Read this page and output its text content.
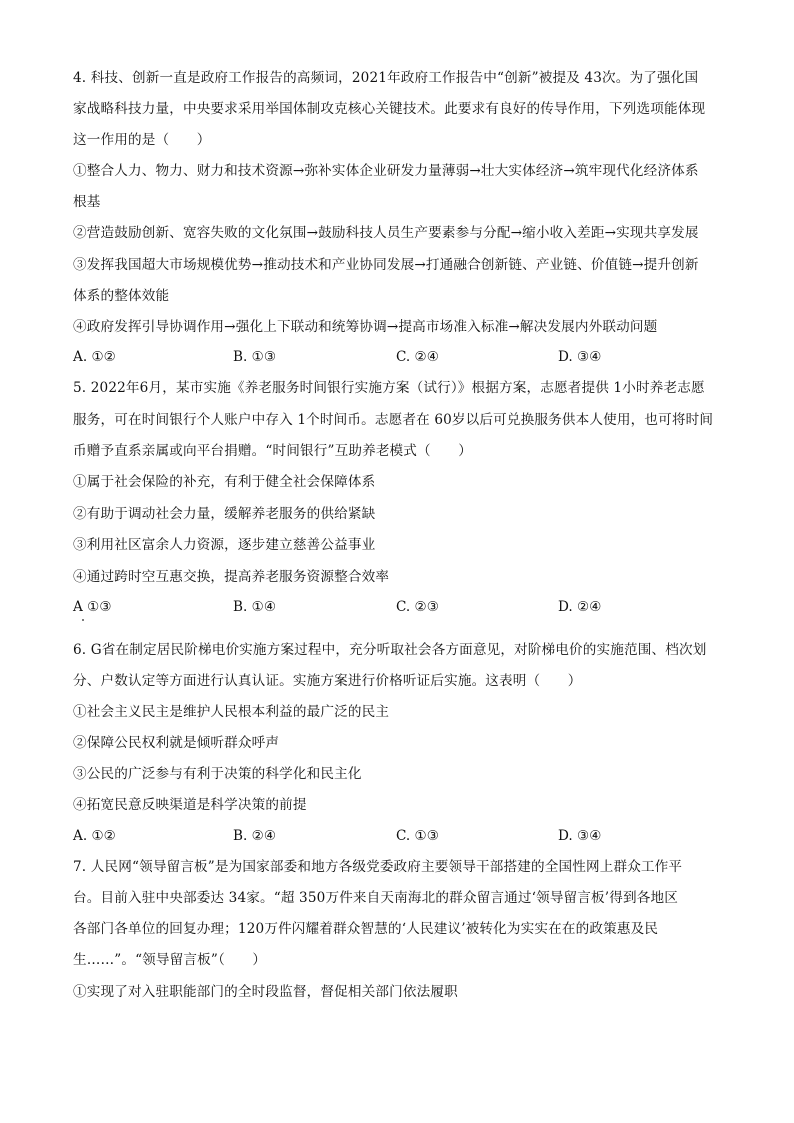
4. 科技、创新一直是政府工作报告的高频词，2021年政府工作报告中“创新”被提及 43次。为了强化国
家战略科技力量，中央要求采用举国体制攻克核心关键技术。此要求有良好的传导作用，下列选项能体现
这一作用的是（　　）
①整合人力、物力、财力和技术资源→弥补实体企业研发力量薄弱→壮大实体经济→筑牢现代化经济体系
根基
②营造鼓励创新、宽容失败的文化氛围→鼓励科技人员生产要素参与分配→缩小收入差距→实现共享发展
③发挥我国超大市场规模优势→推动技术和产业协同发展→打通融合创新链、产业链、价值链→提升创新
体系的整体效能
④政府发挥引导协调作用→强化上下联动和统筹协调→提高市场准入标准→解决发展内外联动问题
A. ①②	B. ①③	C. ②④	D. ③④
5. 2022年6月，某市实施《养老服务时间银行实施方案（试行）》根据方案，志愿者提供 1小时养老志愿
服务，可在时间银行个人账户中存入 1个时间币。志愿者在 60岁以后可兑换服务供本人使用，也可将时间
币赠予直系亲属或向平台捐赠。“时间银行”互助养老模式（　　）
①属于社会保险的补充，有利于健全社会保障体系
②有助于调动社会力量，缓解养老服务的供给紧缺
③利用社区富余人力资源，逐步建立慈善公益事业
④通过跨时空互惠交换，提高养老服务资源整合效率
A ①③	B. ①④	C. ②③	D. ②④
6. G省在制定居民阶梯电价实施方案过程中，充分听取社会各方面意见，对阶梯电价的实施范围、档次划
分、户数认定等方面进行认真认证。实施方案进行价格听证后实施。这表明（　　）
①社会主义民主是维护人民根本利益的最广泛的民主
②保障公民权利就是倾听群众呼声
③公民的广泛参与有利于决策的科学化和民主化
④拓宽民意反映渠道是科学决策的前提
A. ①②	B. ②④	C. ①③	D. ③④
7. 人民网“领导留言板”是为国家部委和地方各级党委政府主要领导干部搭建的全国性网上群众工作平
台。目前入驻中央部委达 34家。“超 350万件来自天南海北的群众留言通过‘领导留言板’得到各地区
各部门各单位的回复办理；120万件闪耀着群众智慧的‘人民建议’被转化为实实在在的政策惠及民
生……”。“领导留言板”（　　）
①实现了对入驻职能部门的全时段监督，督促相关部门依法履职
